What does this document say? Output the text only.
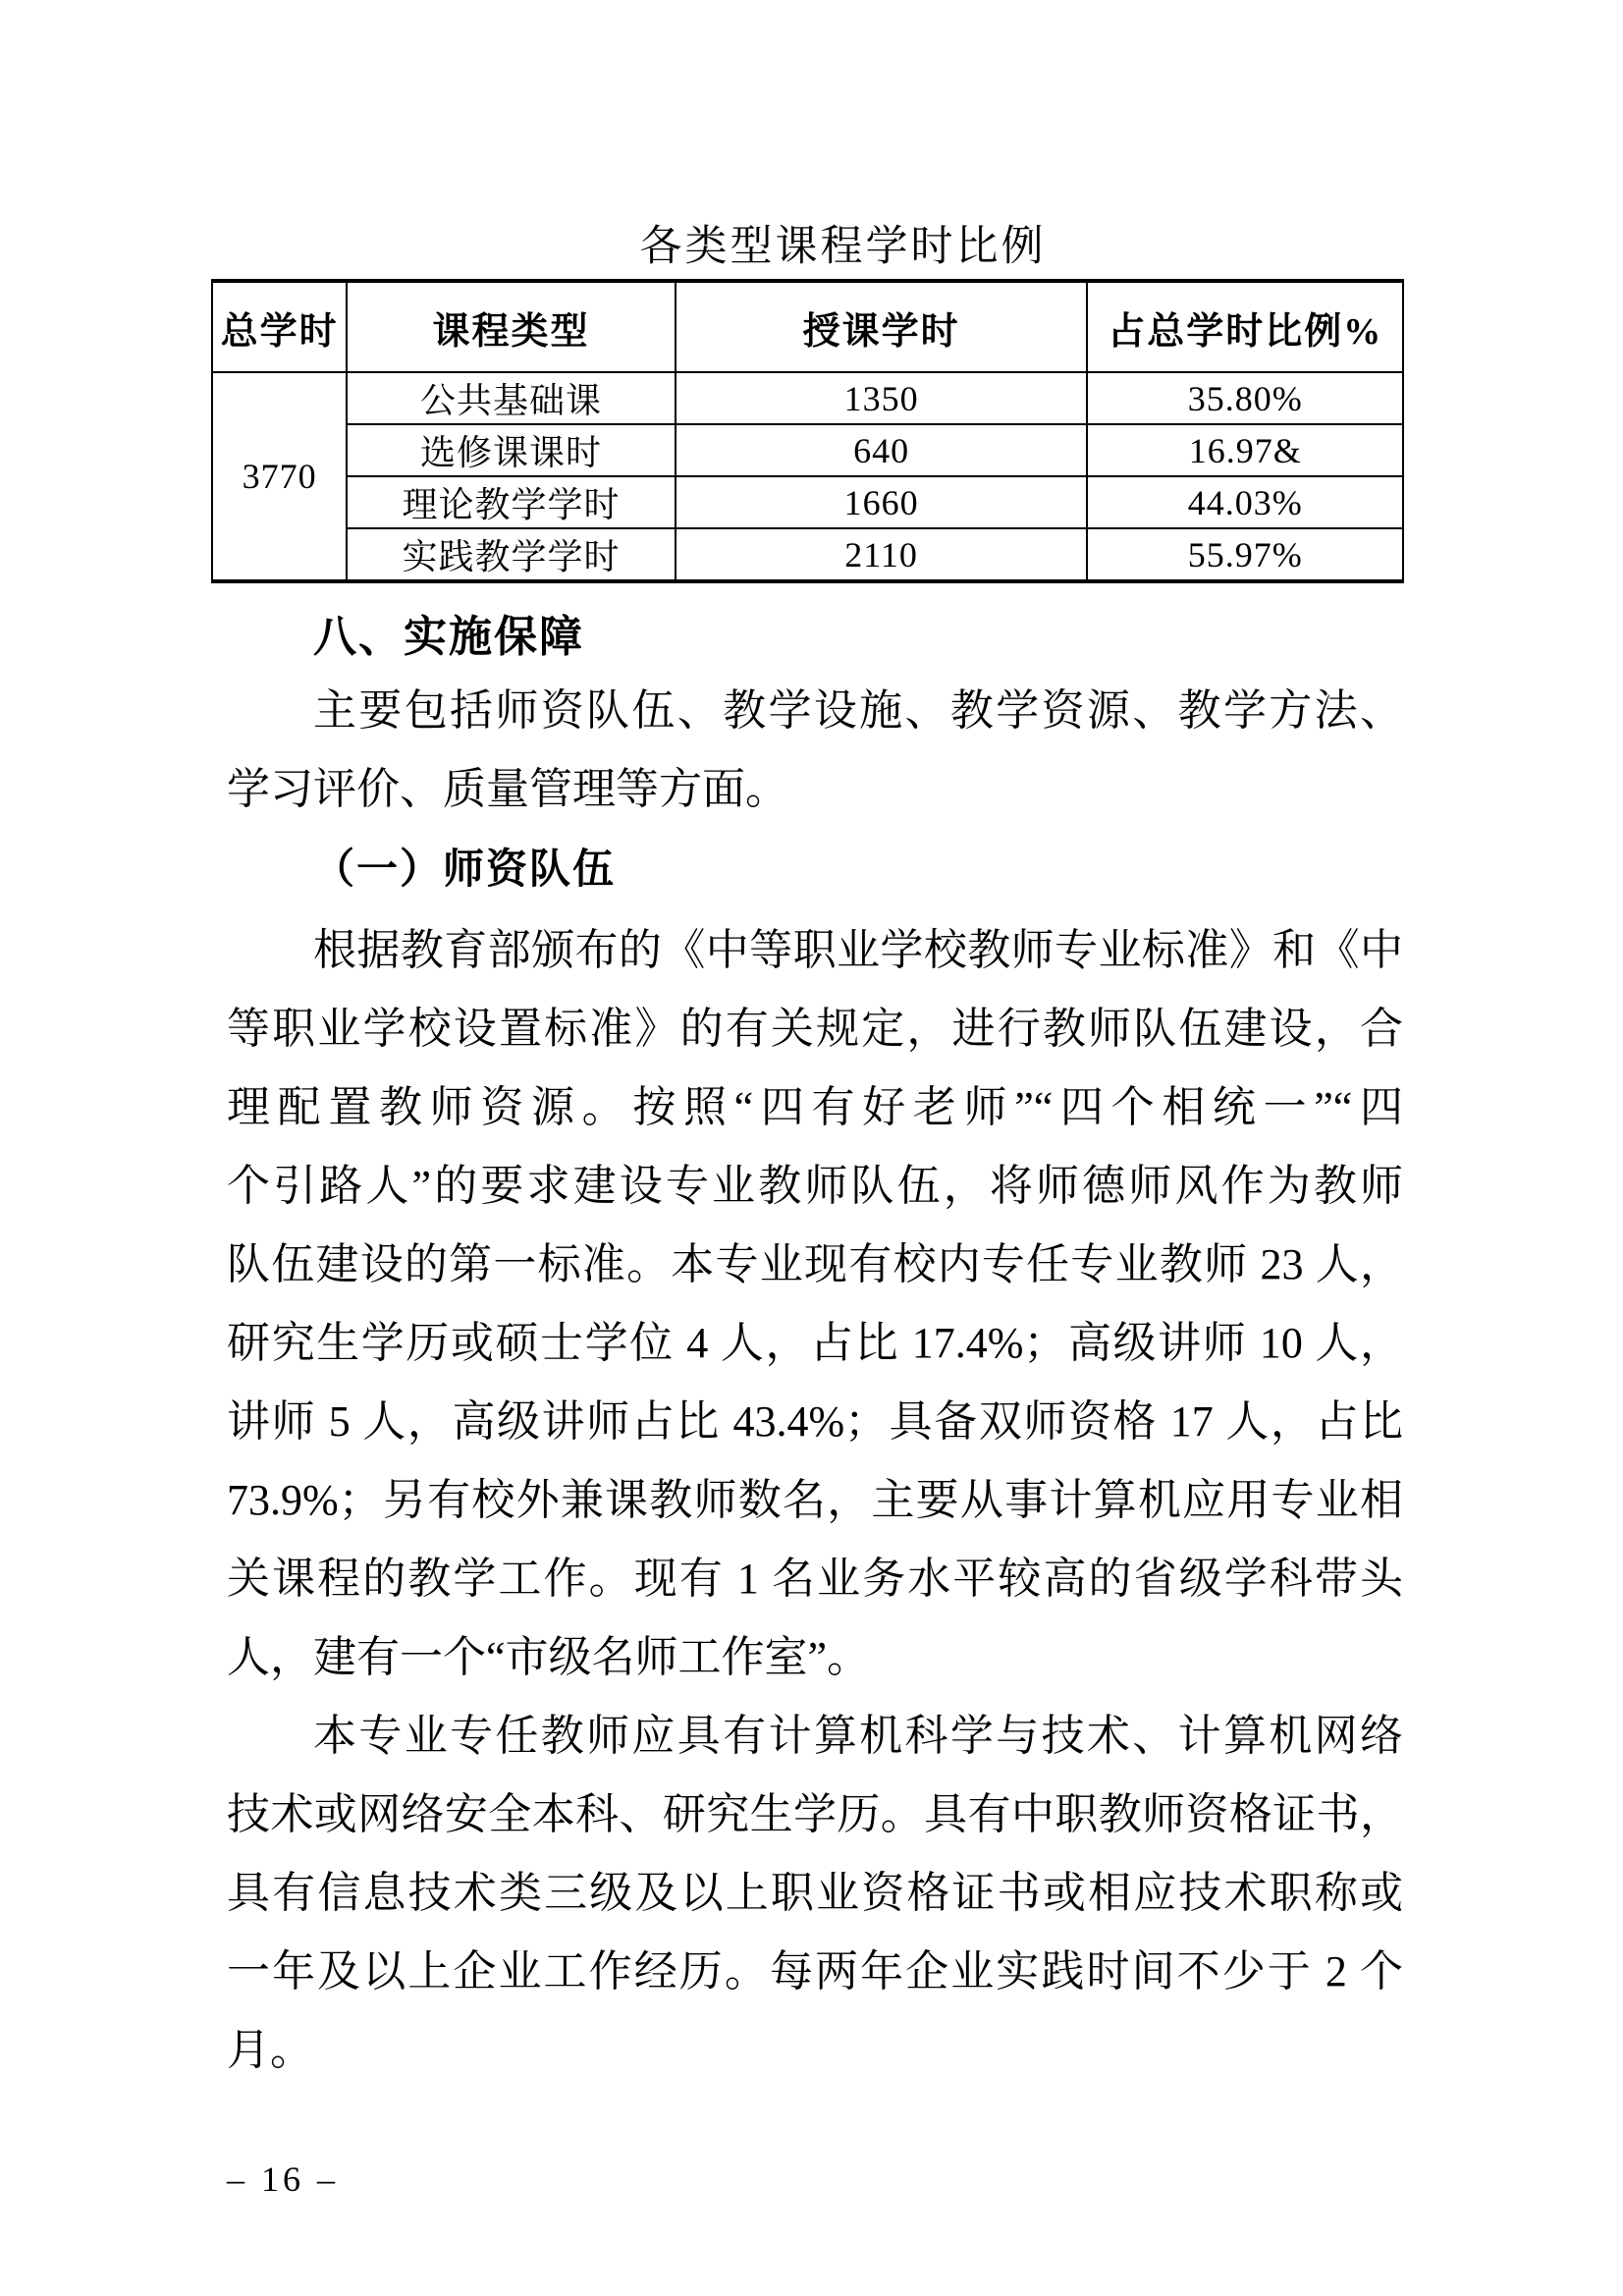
各类型课程学时比例
总学时	课程类型	授课学时	占总学时比例%
3770	公共基础课	1350	35.80%
	选修课课时	640	16.97&
	理论教学学时	1660	44.03%
	实践教学学时	2110	55.97%
八、实施保障
主要包括师资队伍、教学设施、教学资源、教学方法、
学习评价、质量管理等方面。
（一）师资队伍
根据教育部颁布的《中等职业学校教师专业标准》和《中
等职业学校设置标准》的有关规定，进行教师队伍建设，合
理配置教师资源。按照“四有好老师”“四个相统一”“四
个引路人”的要求建设专业教师队伍，将师德师风作为教师
队伍建设的第一标准。本专业现有校内专任专业教师 23 人，
研究生学历或硕士学位 4 人，占比 17.4%；高级讲师 10 人，
讲师 5 人，高级讲师占比 43.4%；具备双师资格 17 人，占比
73.9%；另有校外兼课教师数名，主要从事计算机应用专业相
关课程的教学工作。现有 1 名业务水平较高的省级学科带头
人，建有一个“市级名师工作室”。
本专业专任教师应具有计算机科学与技术、计算机网络
技术或网络安全本科、研究生学历。具有中职教师资格证书，
具有信息技术类三级及以上职业资格证书或相应技术职称或
一年及以上企业工作经历。每两年企业实践时间不少于 2 个
月。
– 16 –
